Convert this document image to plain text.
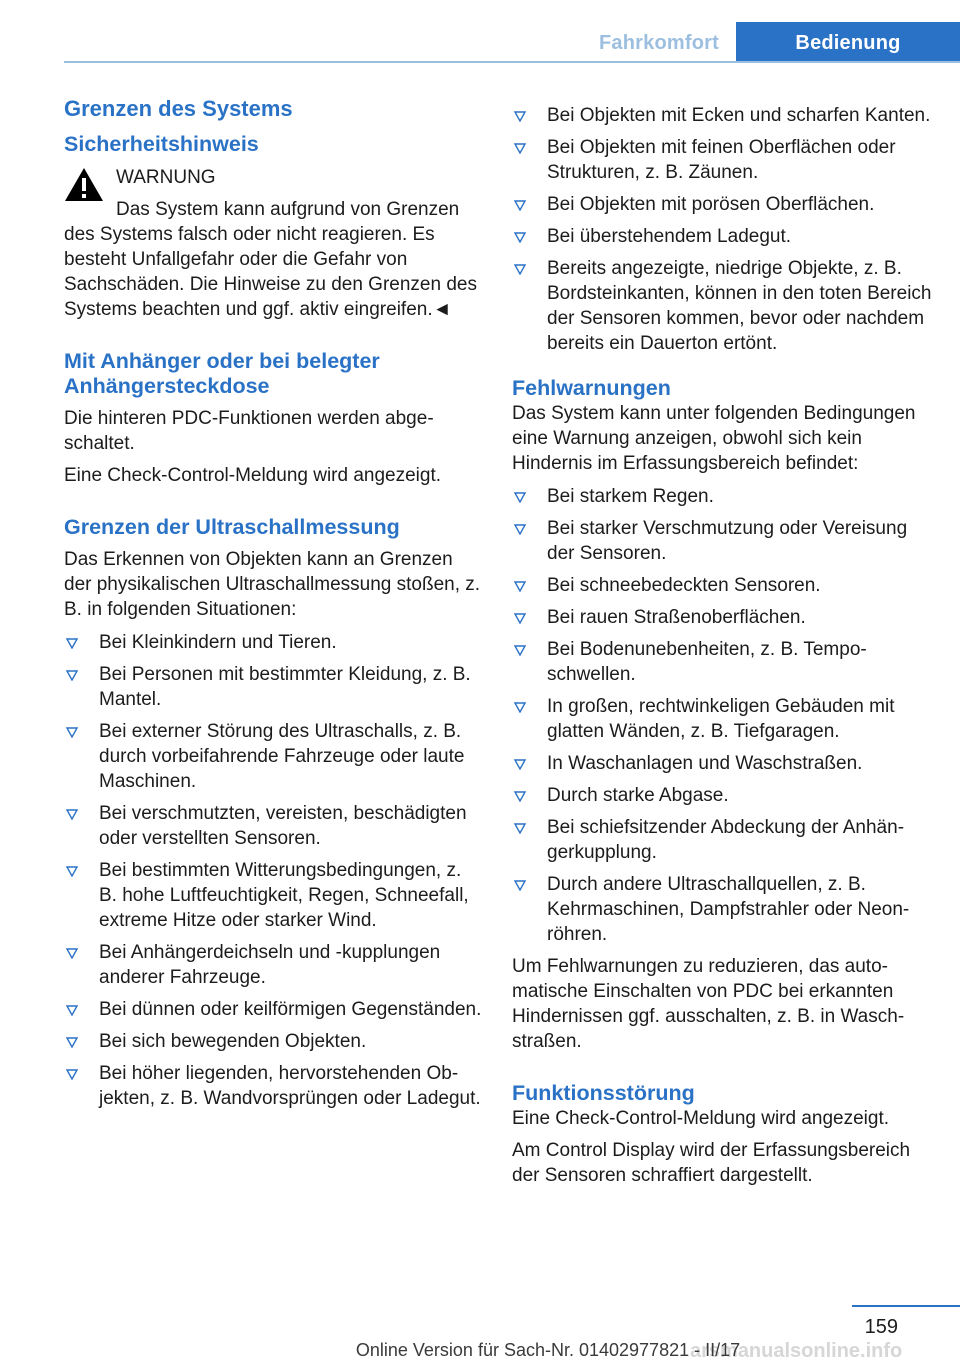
Fahrkomfort	Bedienung
Grenzen des Systems
Sicherheitshinweis
WARNUNG

Das System kann aufgrund von Grenzen des Systems falsch oder nicht reagieren. Es besteht Unfallgefahr oder die Gefahr von Sachschäden. Die Hinweise zu den Grenzen des Systems beachten und ggf. aktiv eingreifen.◄

Mit Anhänger oder bei belegter Anhängersteckdose

Die hinteren PDC-Funktionen werden abgeschaltet.

Eine Check-Control-Meldung wird angezeigt.

Grenzen der Ultraschallmessung

Das Erkennen von Objekten kann an Grenzen der physikalischen Ultraschallmessung stoßen, z. B. in folgenden Situationen:

Bei Kleinkindern und Tieren.
Bei Personen mit bestimmter Kleidung, z. B. Mantel.
Bei externer Störung des Ultraschalls, z. B. durch vorbeifahrende Fahrzeuge oder laute Maschinen.
Bei verschmutzten, vereisten, beschädigten oder verstellten Sensoren.
Bei bestimmten Witterungsbedingungen, z. B. hohe Luftfeuchtigkeit, Regen, Schneefall, extreme Hitze oder starker Wind.
Bei Anhängerdeichseln und -kupplungen anderer Fahrzeuge.
Bei dünnen oder keilförmigen Gegenständen.
Bei sich bewegenden Objekten.
Bei höher liegenden, hervorstehenden Objekten, z. B. Wandvorsprüngen oder Ladegut.
Bei Objekten mit Ecken und scharfen Kanten.
Bei Objekten mit feinen Oberflächen oder Strukturen, z. B. Zäunen.
Bei Objekten mit porösen Oberflächen.
Bei überstehendem Ladegut.
Bereits angezeigte, niedrige Objekte, z. B. Bordsteinkanten, können in den toten Bereich der Sensoren kommen, bevor oder nachdem bereits ein Dauerton ertönt.
Fehlwarnungen

Das System kann unter folgenden Bedingungen eine Warnung anzeigen, obwohl sich kein Hindernis im Erfassungsbereich befindet:

Bei starkem Regen.
Bei starker Verschmutzung oder Vereisung der Sensoren.
Bei schneebedeckten Sensoren.
Bei rauen Straßenoberflächen.
Bei Bodenunebenheiten, z. B. Temposchwellen.
In großen, rechtwinkeligen Gebäuden mit glatten Wänden, z. B. Tiefgaragen.
In Waschanlagen und Waschstraßen.
Durch starke Abgase.
Bei schiefsitzender Abdeckung der Anhängerkupplung.
Durch andere Ultraschallquellen, z. B. Kehrmaschinen, Dampfstrahler oder Neonröhren.

Um Fehlwarnungen zu reduzieren, das automatische Einschalten von PDC bei erkannten Hindernissen ggf. ausschalten, z. B. in Waschstraßen.

Funktionsstörung

Eine Check-Control-Meldung wird angezeigt.

Am Control Display wird der Erfassungsbereich der Sensoren schraffiert dargestellt.

159
arsmanualsonline.info
Online Version für Sach-Nr. 01402977821 - II/17
